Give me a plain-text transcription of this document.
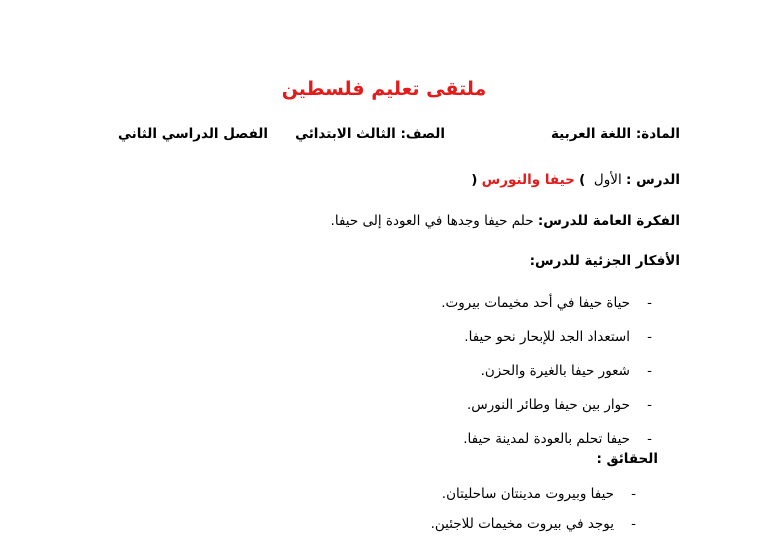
ملتقى تعليم فلسطين
المادة: اللغة العربية
الصف: الثالث الابتدائي
الفصل الدراسي الثاني
الدرس : الأول  ) حيفا والنورس (
الفكرة العامة للدرس: حلم حيفا وجدها في العودة إلى حيفا.
الأفكار الجزئية للدرس:
-حياة حيفا في أحد مخيمات بيروت.
-استعداد الجد للإبحار نحو حيفا.
-شعور حيفا بالغيرة والحزن.
-حوار بين حيفا وطائر النورس.
-حيفا تحلم بالعودة لمدينة حيفا.
الحقائق :
-حيفا وبيروت مدينتان ساحليتان.
-يوجد في بيروت مخيمات للاجئين.
